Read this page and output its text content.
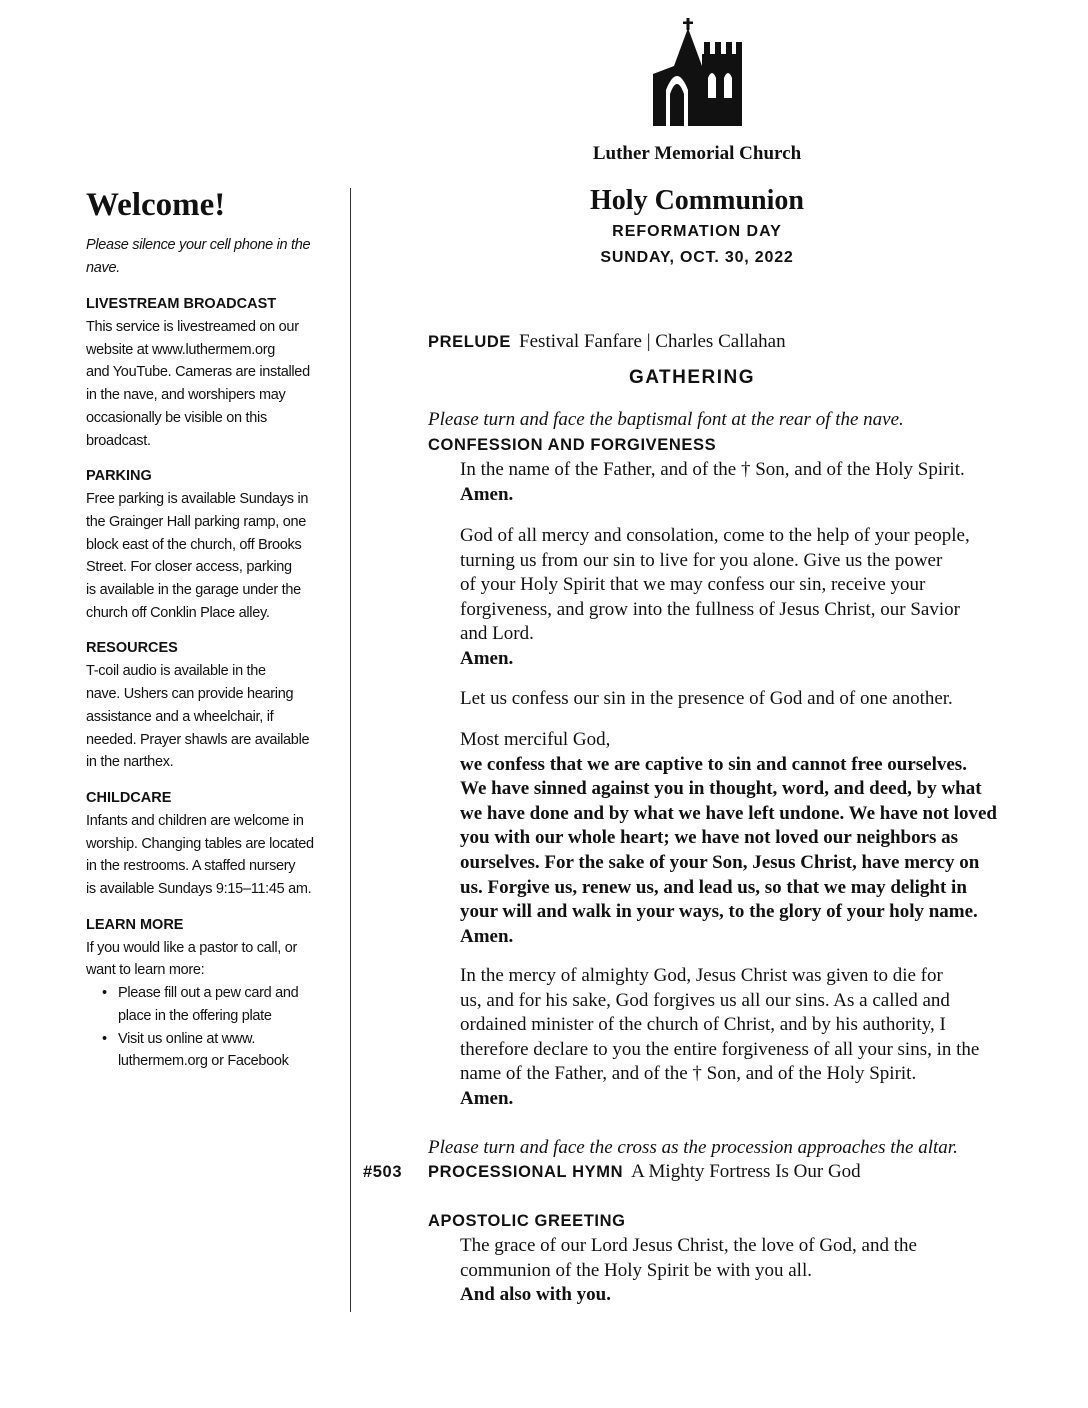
Luther Memorial Church
Holy Communion
REFORMATION DAY
SUNDAY, OCT. 30, 2022
Welcome!
Please silence your cell phone in the
nave.
LIVESTREAM BROADCAST
This service is livestreamed on our
website at www.luthermem.org
and YouTube. Cameras are installed
in the nave, and worshipers may
occasionally be visible on this
broadcast.
PARKING
Free parking is available Sundays in
the Grainger Hall parking ramp, one
block east of the church, off Brooks
Street. For closer access, parking
is available in the garage under the
church off Conklin Place alley.
RESOURCES
T-coil audio is available in the
nave. Ushers can provide hearing
assistance and a wheelchair, if
needed. Prayer shawls are available
in the narthex.
CHILDCARE
Infants and children are welcome in
worship. Changing tables are located
in the restrooms. A staffed nursery
is available Sundays 9:15–11:45 am.
LEARN MORE
If you would like a pastor to call, or
want to learn more:
• Please fill out a pew card and
place in the offering plate
• Visit us online at www.
luthermem.org or Facebook
PRELUDE Festival Fanfare | Charles Callahan
GATHERING
Please turn and face the baptismal font at the rear of the nave.
CONFESSION AND FORGIVENESS
In the name of the Father, and of the † Son, and of the Holy Spirit.
Amen.
God of all mercy and consolation, come to the help of your people,
turning us from our sin to live for you alone. Give us the power
of your Holy Spirit that we may confess our sin, receive your
forgiveness, and grow into the fullness of Jesus Christ, our Savior
and Lord.
Amen.
Let us confess our sin in the presence of God and of one another.
Most merciful God,
we confess that we are captive to sin and cannot free ourselves.
We have sinned against you in thought, word, and deed, by what
we have done and by what we have left undone. We have not loved
you with our whole heart; we have not loved our neighbors as
ourselves. For the sake of your Son, Jesus Christ, have mercy on
us. Forgive us, renew us, and lead us, so that we may delight in
your will and walk in your ways, to the glory of your holy name.
Amen.
In the mercy of almighty God, Jesus Christ was given to die for
us, and for his sake, God forgives us all our sins. As a called and
ordained minister of the church of Christ, and by his authority, I
therefore declare to you the entire forgiveness of all your sins, in the
name of the Father, and of the † Son, and of the Holy Spirit.
Amen.
Please turn and face the cross as the procession approaches the altar.
#503 PROCESSIONAL HYMN A Mighty Fortress Is Our God
APOSTOLIC GREETING
The grace of our Lord Jesus Christ, the love of God, and the
communion of the Holy Spirit be with you all.
And also with you.
